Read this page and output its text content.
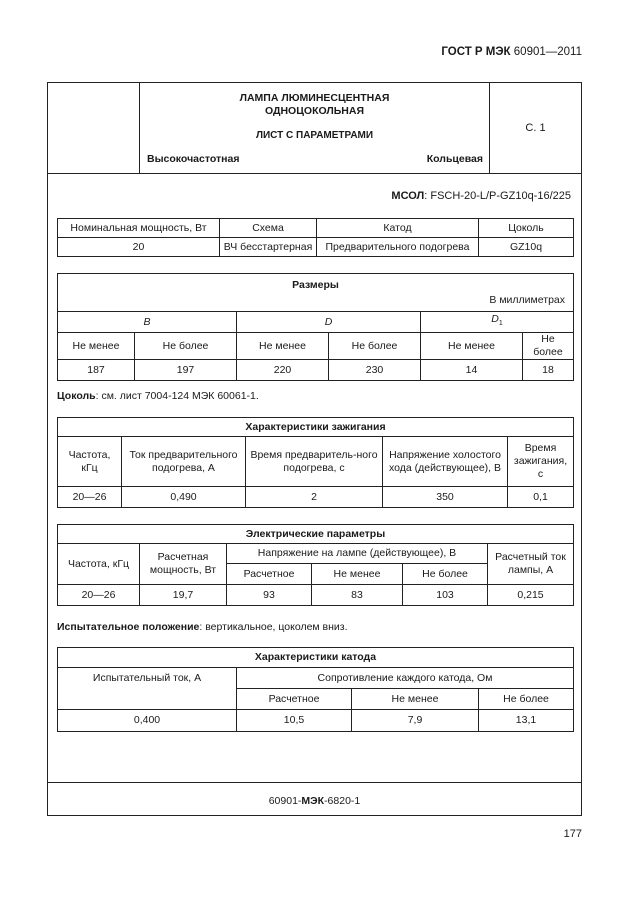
ГОСТ Р МЭК 60901—2011
ЛАМПА ЛЮМИНЕСЦЕНТНАЯ
ОДНОЦОКОЛЬНАЯ
ЛИСТ С ПАРАМЕТРАМИ
Высокочастотная	Кольцевая
С. 1
МСОЛ: FSCH-20-L/P-GZ10q-16/225
Номинальная мощность, Вт	Схема	Катод	Цоколь
20	ВЧ бесстартерная	Предварительного подогрева	GZ10q
Размеры
В миллиметрах					

B		D		$D_1$
Не менее	Не более	Не менее	Не более	Не менее	Не более
187	197	220	230	14	18
Цоколь: см. лист 7004-124 МЭК 60061-1.
Характеристики зажигания				
Частота, кГц	Ток предварительного подогрева, А	Время предваритель-ного подогрева, с	Напряжение холостого хода (действующее), В	Время зажигания, с
20—26	0,490	2	350	0,1
Электрические параметры					
Частота, кГц	Расчетная мощность, Вт	Напряжение на лампе (действующее), В			Расчетный ток лампы, А
		Расчетное	Не менее	Не более	
20—26	19,7	93	83	103	0,215
Испытательное положение: вертикальное, цоколем вниз.
Характеристики катода			
Испытательный ток, А	Сопротивление каждого катода, Ом		
	Расчетное	Не менее	Не более
0,400	10,5	7,9	13,1
60901-МЭК-6820-1
177
